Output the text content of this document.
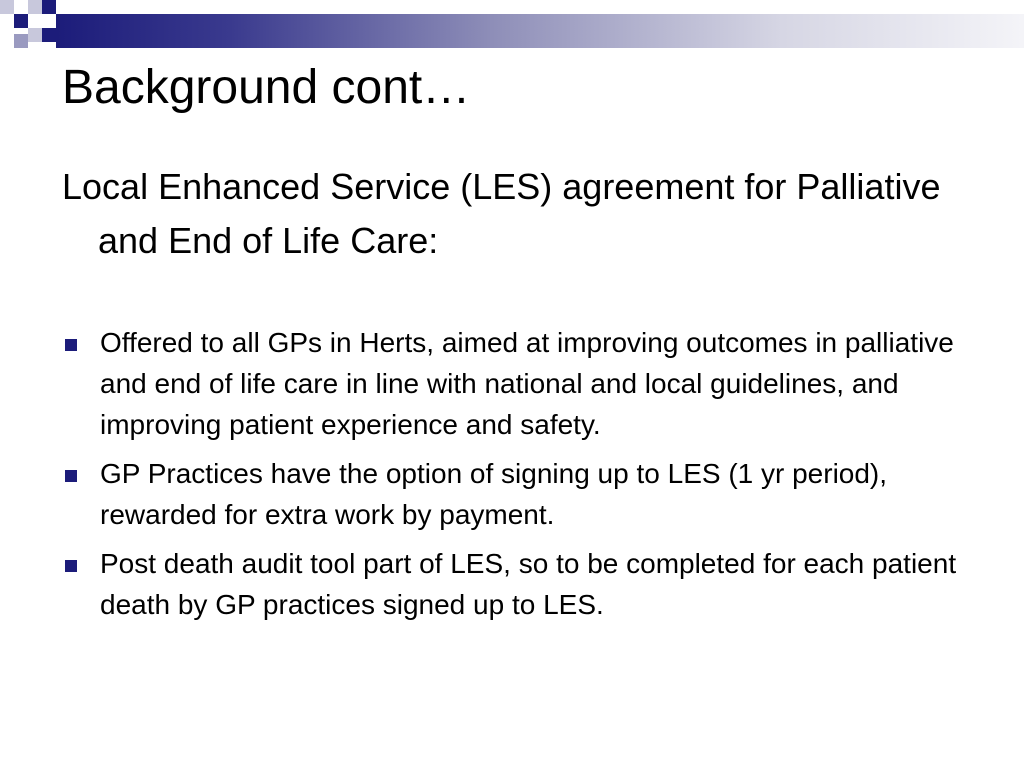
Background cont…

Local Enhanced Service (LES) agreement for Palliative and End of Life Care:

Offered to all GPs in Herts, aimed at improving outcomes in palliative and end of life care in line with national and local guidelines, and improving patient experience and safety.
GP Practices have the option of signing up to LES (1 yr period), rewarded for extra work by payment.
Post death audit tool part of LES, so to be completed for each patient death by GP practices signed up to LES.
